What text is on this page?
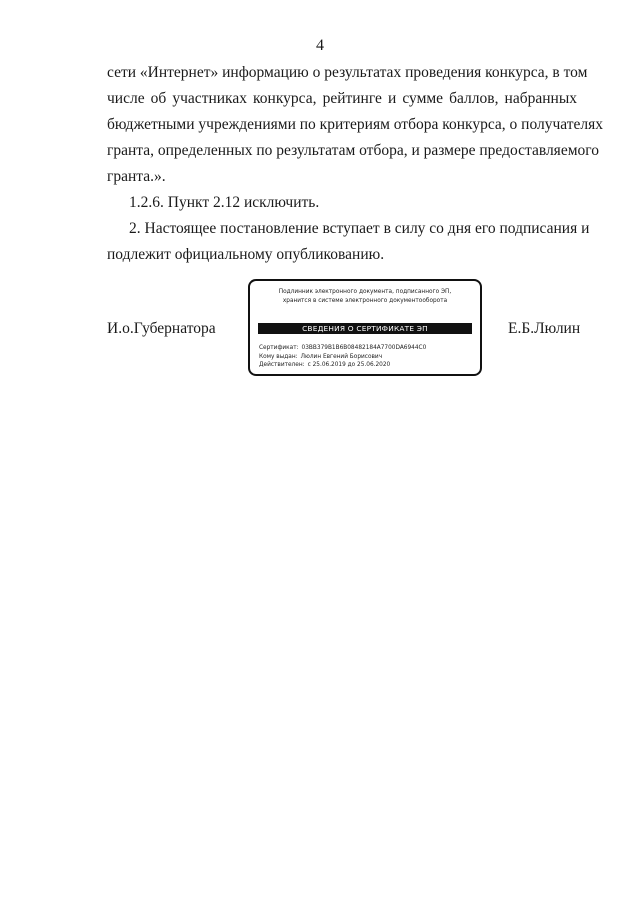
4

сети «Интернет» информацию о результатах проведения конкурса, в том
числе об участниках конкурса, рейтинге и сумме баллов, набранных
бюджетными учреждениями по критериям отбора конкурса, о получателях
гранта, определенных по результатам отбора, и размере предоставляемого
гранта.».

1.2.6. Пункт 2.12 исключить.

2. Настоящее постановление вступает в силу со дня его подписания и
подлежит официальному опубликованию.

И.о.Губернатора
Подлинник электронного документа, подписанного ЭП,
хранится в системе электронного документооборота
СВЕДЕНИЯ О СЕРТИФИКАТЕ ЭП
Сертификат: 03BB379B1B6B08482184A7700DA6944C0
Кому выдан: Люлин Евгений Борисович
Действителен: с 25.06.2019 до 25.06.2020
Е.Б.Люлин
